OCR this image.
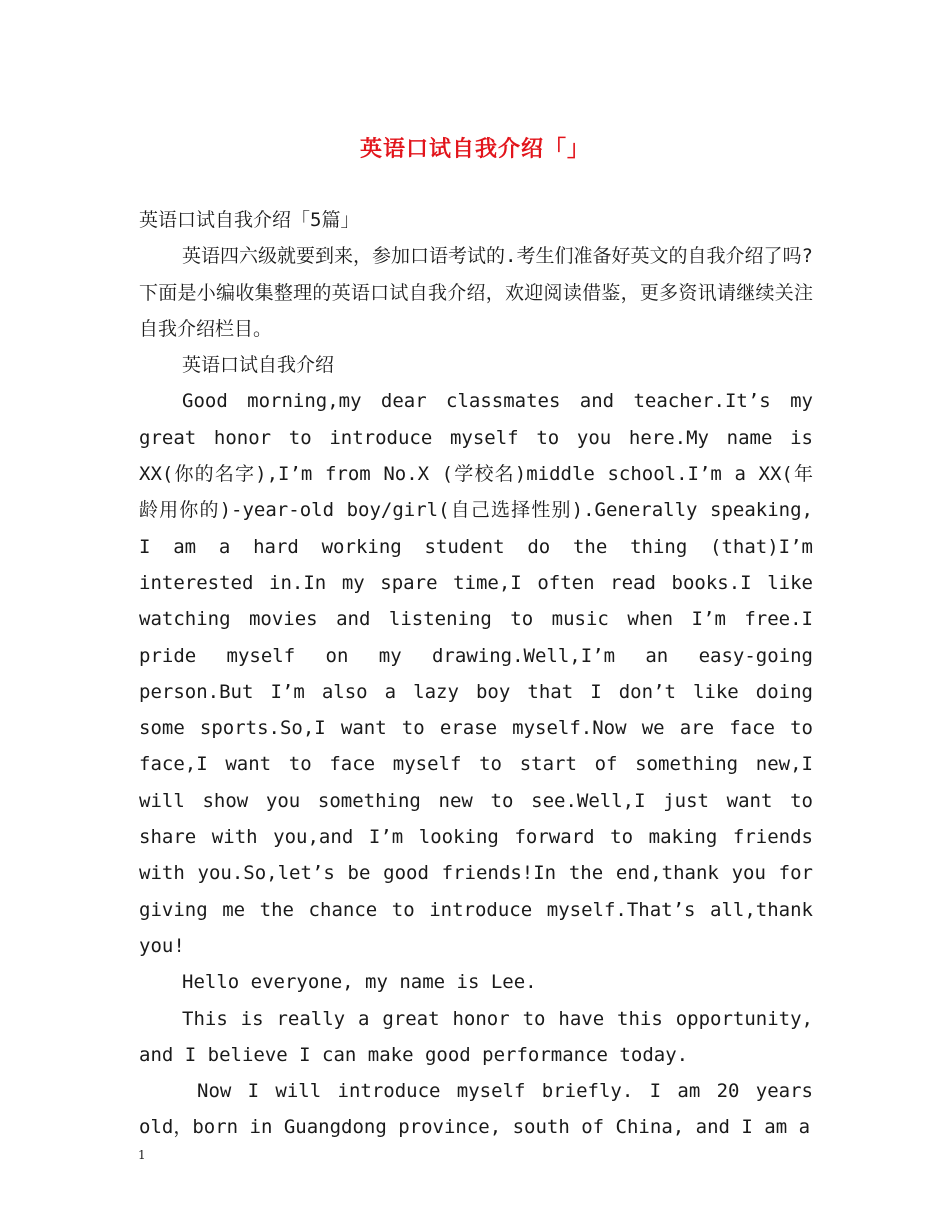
英语口试自我介绍「」

英语口试自我介绍「5篇」

英语四六级就要到来，参加口语考试的.考生们准备好英文的自我介绍了吗?下面是小编收集整理的英语口试自我介绍，欢迎阅读借鉴，更多资讯请继续关注自我介绍栏目。

英语口试自我介绍

Good morning,my dear classmates and teacher.It’s my great honor to introduce myself to you here.My name is XX(你的名字),I’m from No.X (学校名)middle school.I’m a XX(年龄用你的)-year-old boy/girl(自己选择性别).Generally speaking, I am a hard working student do the thing (that)I’m interested in.In my spare time,I often read books.I like watching movies and listening to music when I’m free.I pride myself on my drawing.Well,I’m an easy-going person.But I’m also a lazy boy that I don’t like doing some sports.So,I want to erase myself.Now we are face to face,I want to face myself to start of something new,I will show you something new to see.Well,I just want to share with you,and I’m looking forward to making friends with you.So,let’s be good friends!In the end,thank you for giving me the chance to introduce myself.That’s all,thank you!

Hello everyone, my name is Lee.

This is really a great honor to have this opportunity, and I believe I can make good performance today.

Now I will introduce myself briefly. I am 20 years old，born in Guangdong province, south of China, and I am a

1
